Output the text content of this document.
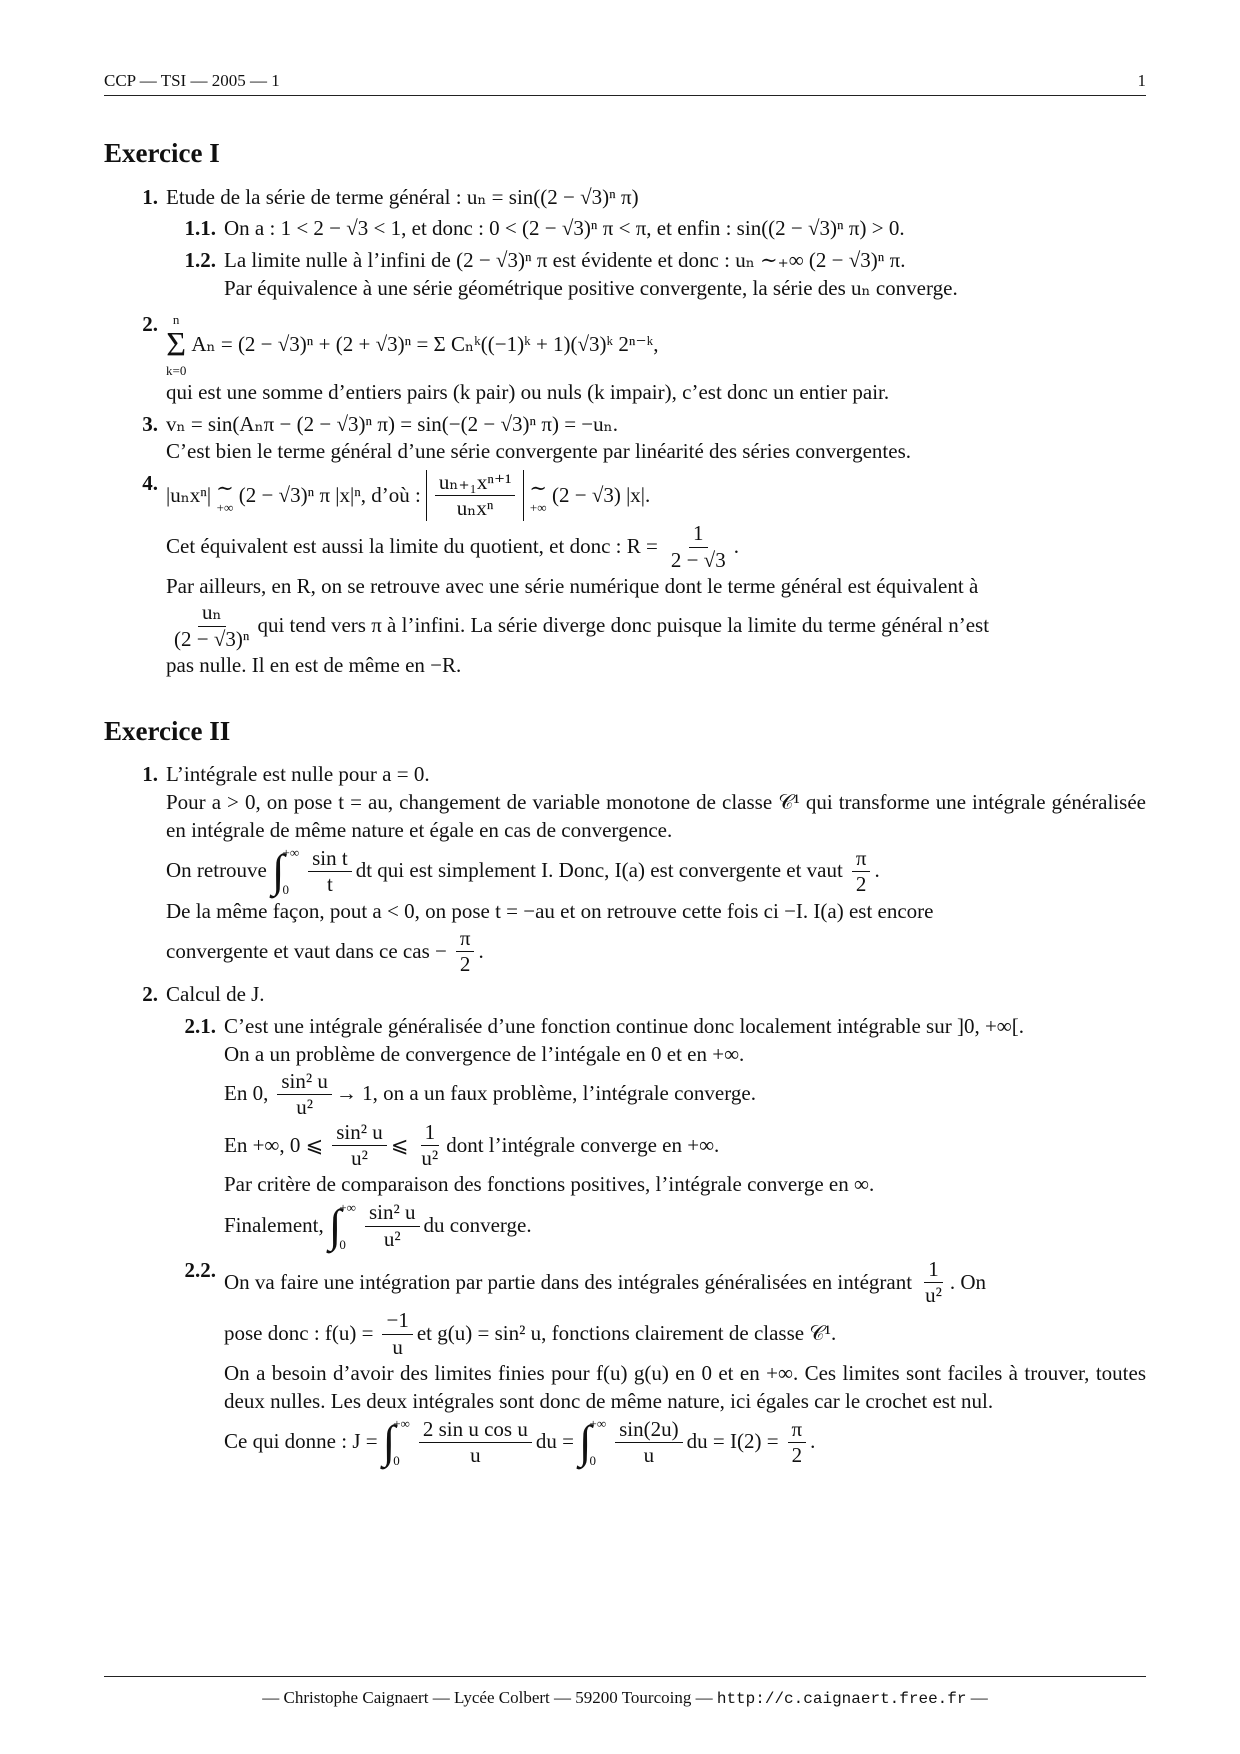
CCP — TSI — 2005 — 1	1
Exercice I
1. Etude de la série de terme général : uₙ = sin((2 − √3)ⁿ π)
1.1. On a : 1 < 2 − √3 < 1, et donc : 0 < (2 − √3)ⁿ π < π, et enfin : sin((2 − √3)ⁿ π) > 0.
1.2. La limite nulle à l’infini de (2 − √3)ⁿ π est évidente et donc : uₙ ∼₊∞ (2 − √3)ⁿ π.
Par équivalence à une série géométrique positive convergente, la série des uₙ converge.
2.	n
Σ
k=0
Aₙ = (2 − √3)ⁿ + (2 + √3)ⁿ = Σ Cₙᵏ((−1)ᵏ + 1)(√3)ᵏ 2ⁿ⁻ᵏ,
qui est une somme d’entiers pairs (k pair) ou nuls (k impair), c’est donc un entier pair.
3. vₙ = sin(Aₙπ − (2 − √3)ⁿ π) = sin(−(2 − √3)ⁿ π) = −uₙ.
C’est bien le terme général d’une série convergente par linéarité des séries convergentes.
4. |uₙxⁿ| ∼
+∞
(2 − √3)ⁿ π |x|ⁿ, d’où : $\frac{\text{uₙ₊₁xⁿ⁺¹}}{\text{uₙxⁿ}}$ ∼
+∞
(2 − √3) |x|.
Cet équivalent est aussi la limite du quotient, et donc : $R = \frac{1}{2 - √3}$ .
Par ailleurs, en R, on se retrouve avec une série numérique dont le terme général est équivalent à
$\frac{\text{uₙ}}{\text{(2 − √3)ⁿ}}$ qui tend vers π à l’infini. La série diverge donc puisque la limite du terme général n’est
pas nulle. Il en est de même en −R.
Exercice II
1. L’intégrale est nulle pour a = 0.
Pour a > 0, on pose t = au, changement de variable monotone de classe 𝒞¹ qui transforme une intégrale généralisée en intégrale de même nature et égale en cas de convergence.
On retrouve ∫
+∞
$0 \frac{\text{sin t}}{t}$ dt qui est simplement I. Donc, I(a) est convergente et vaut $\frac{\pi}{2}$ .
De la même façon, pout a < 0, on pose t = −au et on retrouve cette fois ci −I. I(a) est encore
convergente et vaut dans ce cas − $\frac{\pi}{2}$ .
2. Calcul de J.
2.1. C’est une intégrale généralisée d’une fonction continue donc localement intégrable sur ]0, +∞[.
On a un problème de convergence de l’intégale en 0 et en +∞.
En 0, $\frac{\text{sin² u}}{\text{u²}} \to 1$, on a un faux problème, l’intégrale converge.
En +∞, 0 ⩽ $\frac{\text{sin² u}}{\text{u²}}$ ⩽ $\frac{1}{\text{u²}}$ dont l’intégrale converge en +∞.
Par critère de comparaison des fonctions positives, l’intégrale converge en ∞.
Finalement, ∫
+∞
$0 \frac{\text{sin² u}}{\text{u²}}$ du converge.
2.2. On va faire une intégration par partie dans des intégrales généralisées en intégrant $\frac{1}{\text{u²}}$ . On
pose donc : $f(u) = \frac{-1}{u}$ et g(u) = sin² u, fonctions clairement de classe 𝒞¹.
On a besoin d’avoir des limites finies pour f(u) g(u) en 0 et en +∞. Ces limites sont faciles à trouver, toutes deux nulles. Les deux intégrales sont donc de même nature, ici égales car le crochet est nul.
Ce qui donne : J = ∫
+∞
$0 \frac{\text{2 sin u cos u}}{u}$ du = ∫
+∞
$0 \frac{\sin(2u)}{u}$ du = $I(2) = \frac{\pi}{2}$ .
— Christophe Caignaert — Lycée Colbert — 59200 Tourcoing — http://c.caignaert.free.fr —
